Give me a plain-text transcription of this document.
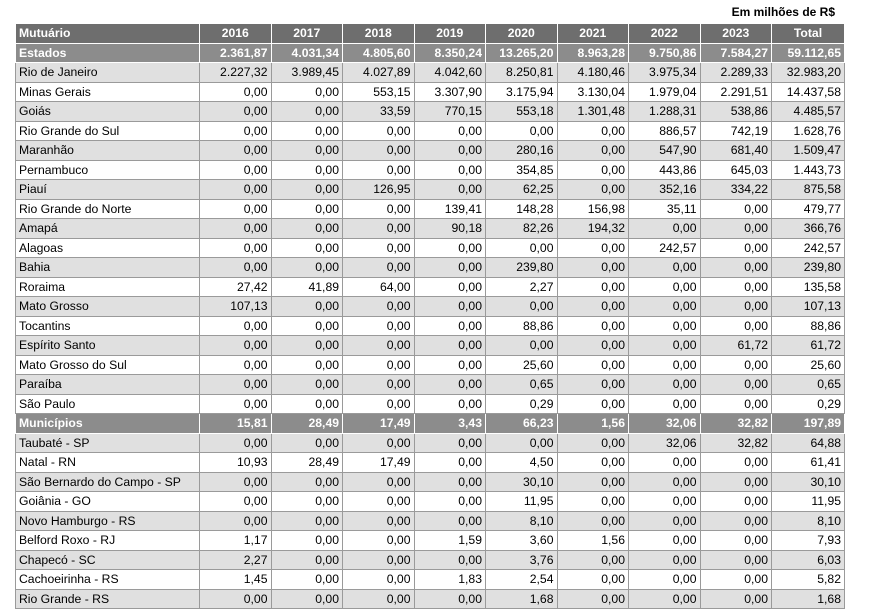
Em milhões de R$
Mutuário	2016	2017	2018	2019	2020	2021	2022	2023	Total
Estados	2.361,87	4.031,34	4.805,60	8.350,24	13.265,20	8.963,28	9.750,86	7.584,27	59.112,65
Rio de Janeiro	2.227,32	3.989,45	4.027,89	4.042,60	8.250,81	4.180,46	3.975,34	2.289,33	32.983,20
Minas Gerais	0,00	0,00	553,15	3.307,90	3.175,94	3.130,04	1.979,04	2.291,51	14.437,58
Goiás	0,00	0,00	33,59	770,15	553,18	1.301,48	1.288,31	538,86	4.485,57
Rio Grande do Sul	0,00	0,00	0,00	0,00	0,00	0,00	886,57	742,19	1.628,76
Maranhão	0,00	0,00	0,00	0,00	280,16	0,00	547,90	681,40	1.509,47
Pernambuco	0,00	0,00	0,00	0,00	354,85	0,00	443,86	645,03	1.443,73
Piauí	0,00	0,00	126,95	0,00	62,25	0,00	352,16	334,22	875,58
Rio Grande do Norte	0,00	0,00	0,00	139,41	148,28	156,98	35,11	0,00	479,77
Amapá	0,00	0,00	0,00	90,18	82,26	194,32	0,00	0,00	366,76
Alagoas	0,00	0,00	0,00	0,00	0,00	0,00	242,57	0,00	242,57
Bahia	0,00	0,00	0,00	0,00	239,80	0,00	0,00	0,00	239,80
Roraima	27,42	41,89	64,00	0,00	2,27	0,00	0,00	0,00	135,58
Mato Grosso	107,13	0,00	0,00	0,00	0,00	0,00	0,00	0,00	107,13
Tocantins	0,00	0,00	0,00	0,00	88,86	0,00	0,00	0,00	88,86
Espírito Santo	0,00	0,00	0,00	0,00	0,00	0,00	0,00	61,72	61,72
Mato Grosso do Sul	0,00	0,00	0,00	0,00	25,60	0,00	0,00	0,00	25,60
Paraíba	0,00	0,00	0,00	0,00	0,65	0,00	0,00	0,00	0,65
São Paulo	0,00	0,00	0,00	0,00	0,29	0,00	0,00	0,00	0,29
Municípios	15,81	28,49	17,49	3,43	66,23	1,56	32,06	32,82	197,89
Taubaté - SP	0,00	0,00	0,00	0,00	0,00	0,00	32,06	32,82	64,88
Natal - RN	10,93	28,49	17,49	0,00	4,50	0,00	0,00	0,00	61,41
São Bernardo do Campo - SP	0,00	0,00	0,00	0,00	30,10	0,00	0,00	0,00	30,10
Goiânia - GO	0,00	0,00	0,00	0,00	11,95	0,00	0,00	0,00	11,95
Novo Hamburgo - RS	0,00	0,00	0,00	0,00	8,10	0,00	0,00	0,00	8,10
Belford Roxo - RJ	1,17	0,00	0,00	1,59	3,60	1,56	0,00	0,00	7,93
Chapecó - SC	2,27	0,00	0,00	0,00	3,76	0,00	0,00	0,00	6,03
Cachoeirinha - RS	1,45	0,00	0,00	1,83	2,54	0,00	0,00	0,00	5,82
Rio Grande - RS	0,00	0,00	0,00	0,00	1,68	0,00	0,00	0,00	1,68
